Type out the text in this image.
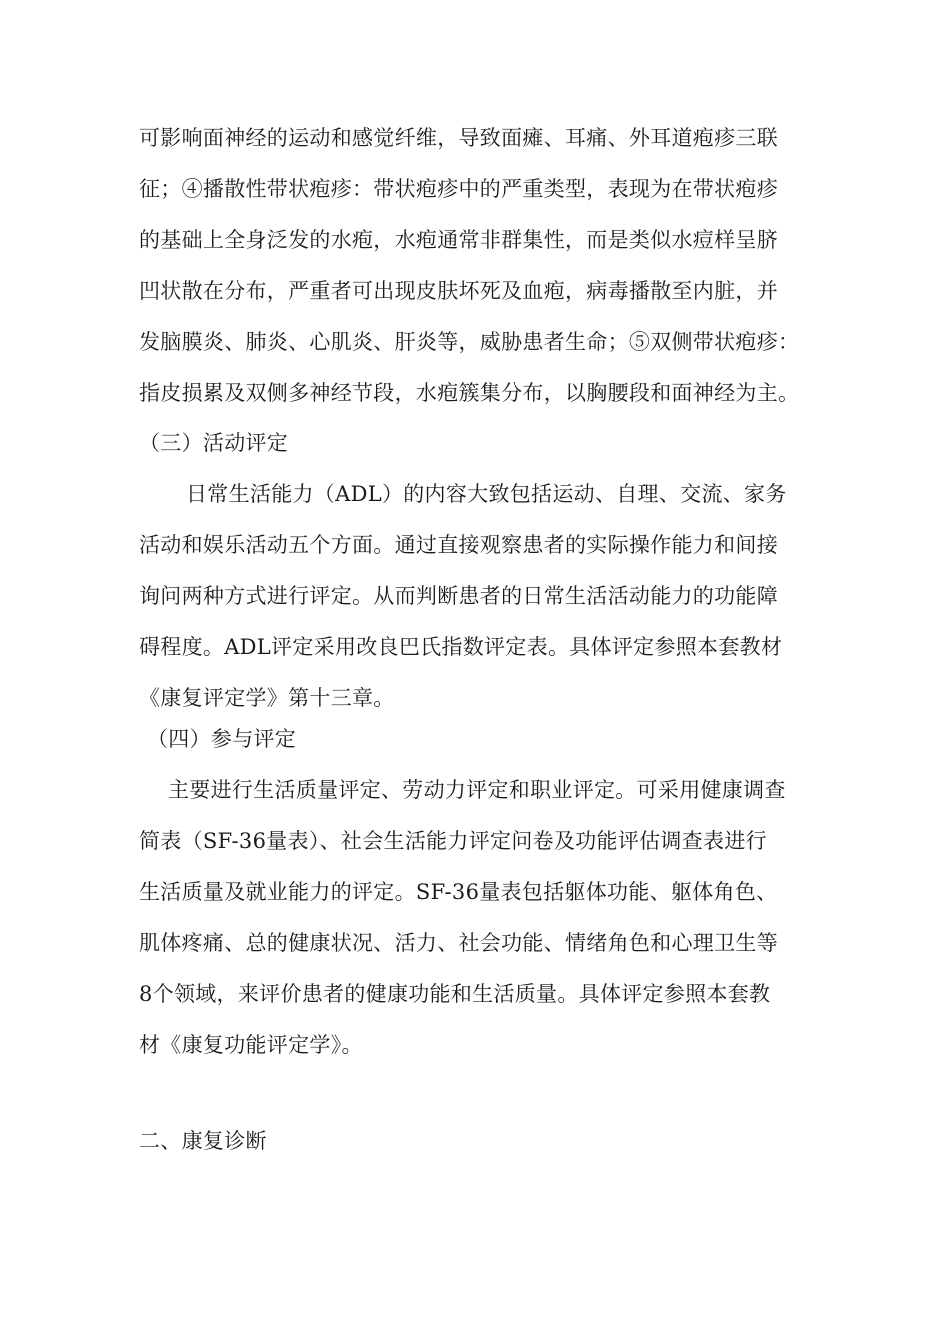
可影响面神经的运动和感觉纤维，导致面瘫、耳痛、外耳道疱疹三联
征；④播散性带状疱疹：带状疱疹中的严重类型，表现为在带状疱疹
的基础上全身泛发的水疱，水疱通常非群集性，而是类似水痘样呈脐
凹状散在分布，严重者可出现皮肤坏死及血疱，病毒播散至内脏，并
发脑膜炎、肺炎、心肌炎、肝炎等，威胁患者生命；⑤双侧带状疱疹：
指皮损累及双侧多神经节段，水疱簇集分布，以胸腰段和面神经为主。
（三）活动评定
日常生活能力（ADL）的内容大致包括运动、自理、交流、家务
活动和娱乐活动五个方面。通过直接观察患者的实际操作能力和间接
询问两种方式进行评定。从而判断患者的日常生活活动能力的功能障
碍程度。ADL评定采用改良巴氏指数评定表。具体评定参照本套教材
《康复评定学》第十三章。
（四）参与评定
主要进行生活质量评定、劳动力评定和职业评定。可采用健康调查
简表（SF-36量表）、社会生活能力评定问卷及功能评估调查表进行
生活质量及就业能力的评定。SF-36量表包括躯体功能、躯体角色、
肌体疼痛、总的健康状况、活力、社会功能、情绪角色和心理卫生等
8个领域，来评价患者的健康功能和生活质量。具体评定参照本套教
材《康复功能评定学》。
二、康复诊断
